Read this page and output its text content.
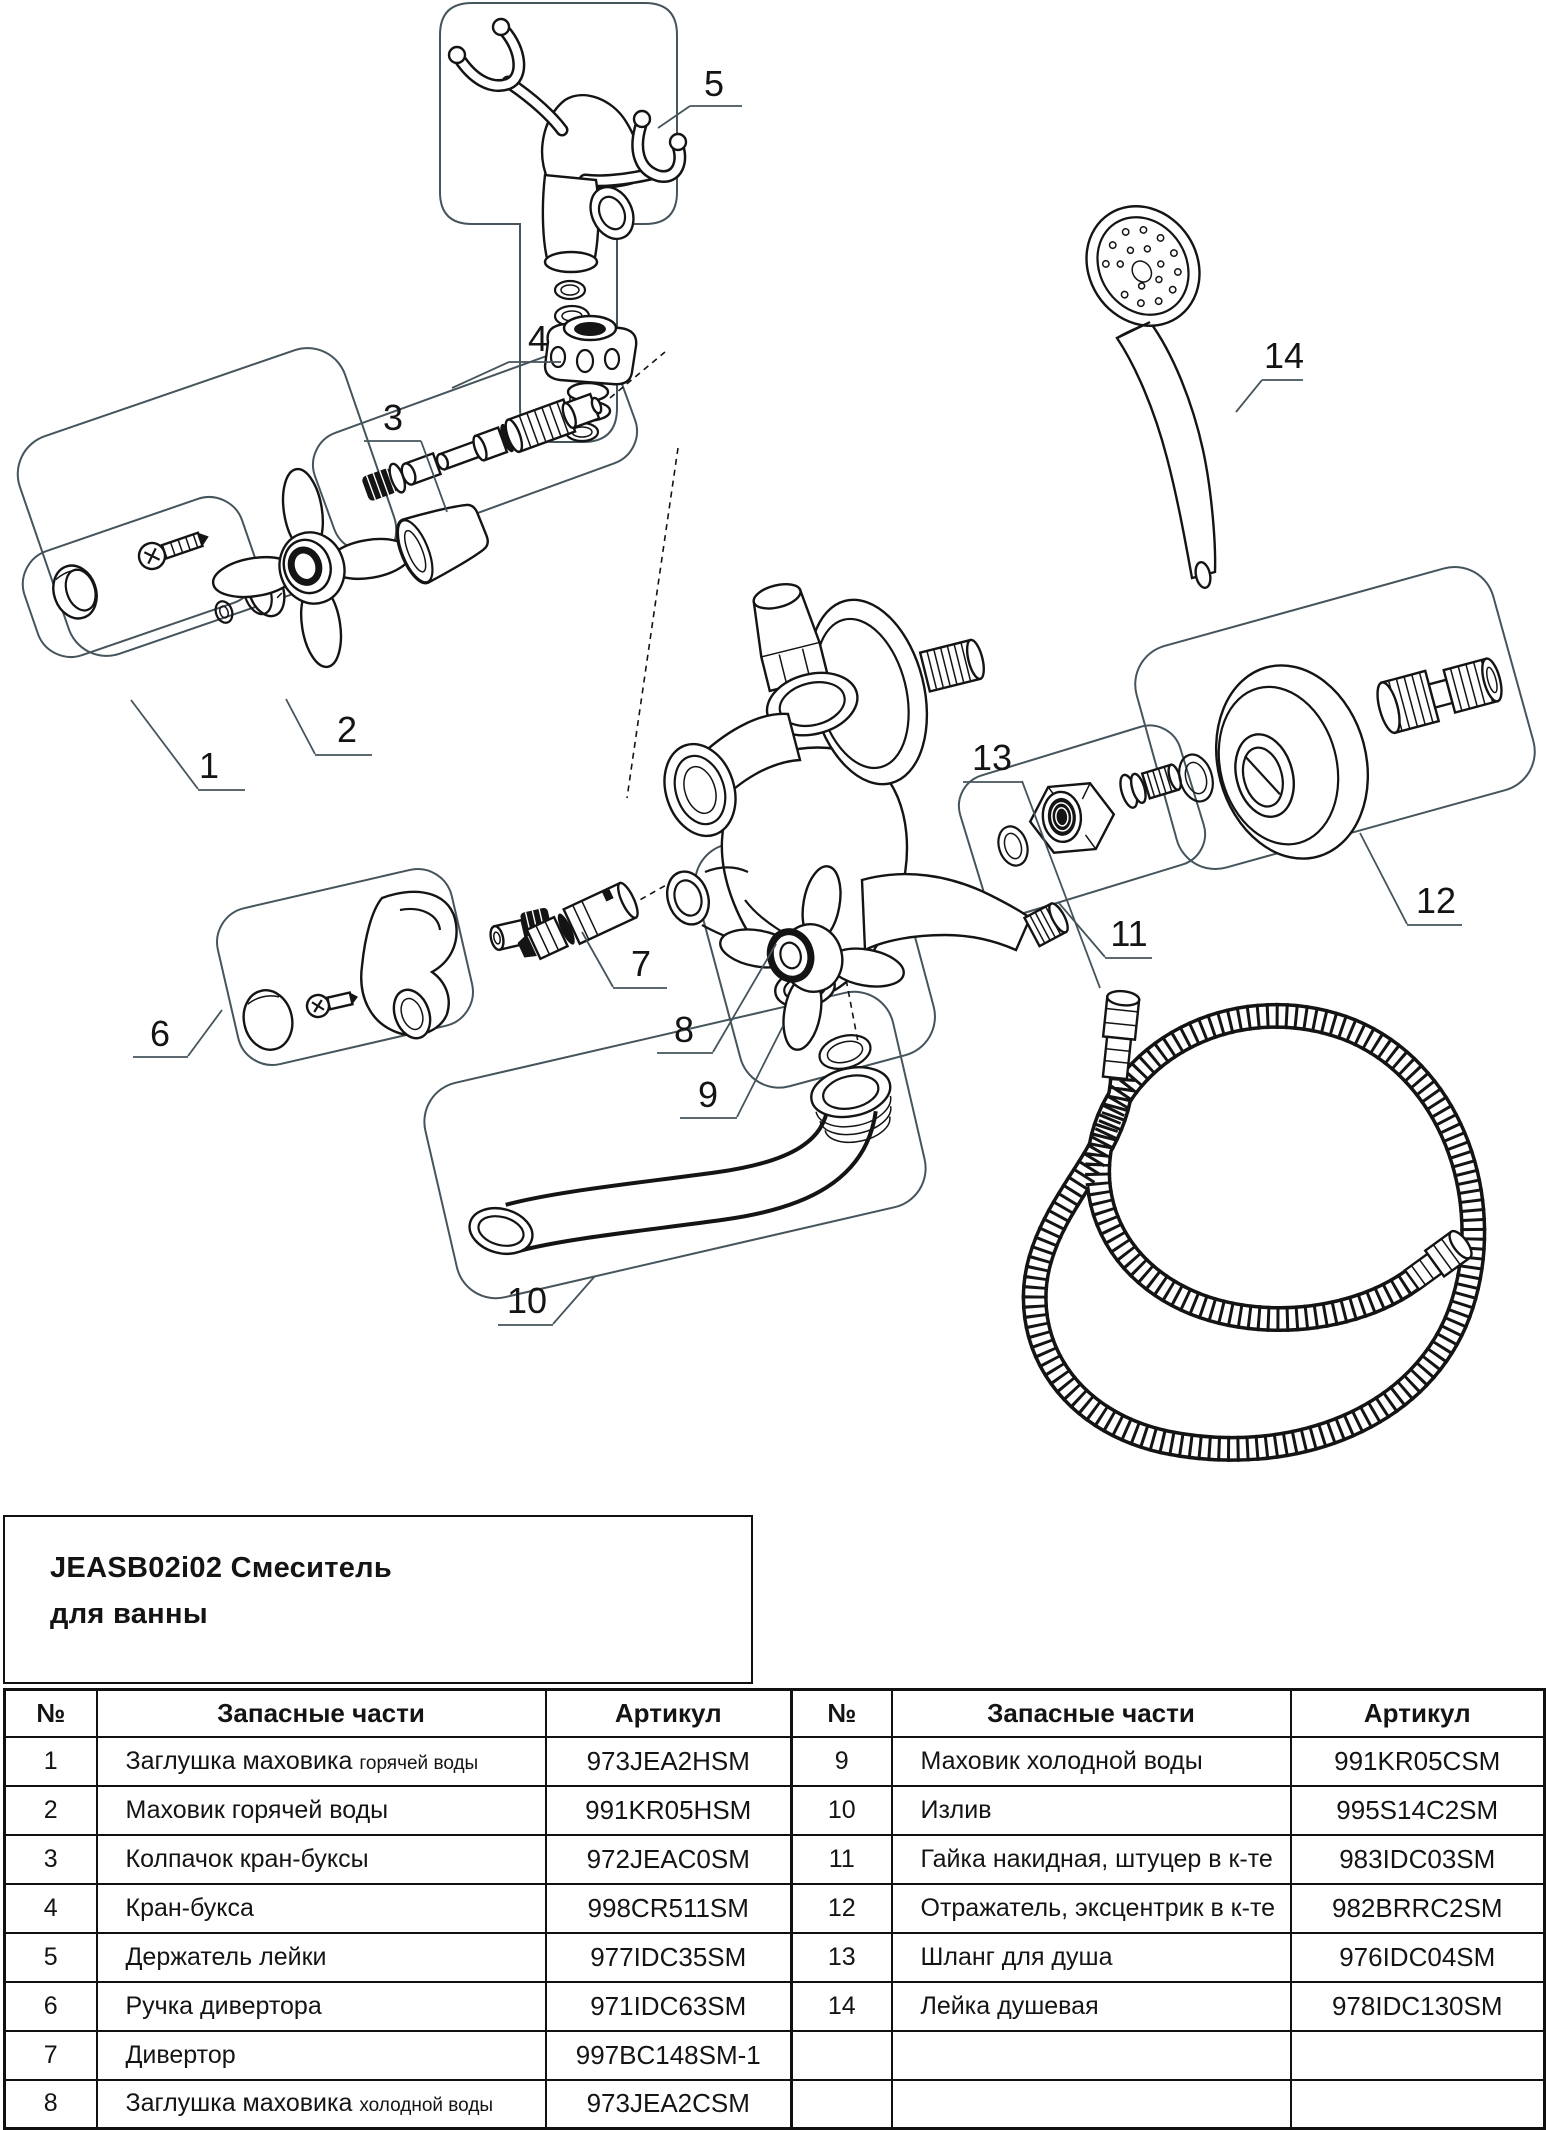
1
2
3
4
5
6
7
8
9
10
11
12
13
14
JEASB02i02 Смеситель
для ванны
№	Запасные части	Артикул
1	Заглушка маховика горячей воды	973JEA2HSM
2	Маховик горячей воды	991KR05HSM
3	Колпачок кран-буксы	972JEAC0SM
4	Кран-букса	998CR511SM
5	Держатель лейки	977IDC35SM
6	Ручка дивертора	971IDC63SM
7	Дивертор	997BC148SM-1
8	Заглушка маховика холодной воды	973JEA2CSM
№	Запасные части	Артикул
9	Маховик холодной воды	991KR05CSM
10	Излив	995S14C2SM
11	Гайка накидная, штуцер в к-те	983IDC03SM
12	Отражатель, эксцентрик в к-те	982BRRC2SM
13	Шланг для душа	976IDC04SM
14	Лейка душевая	978IDC130SM
